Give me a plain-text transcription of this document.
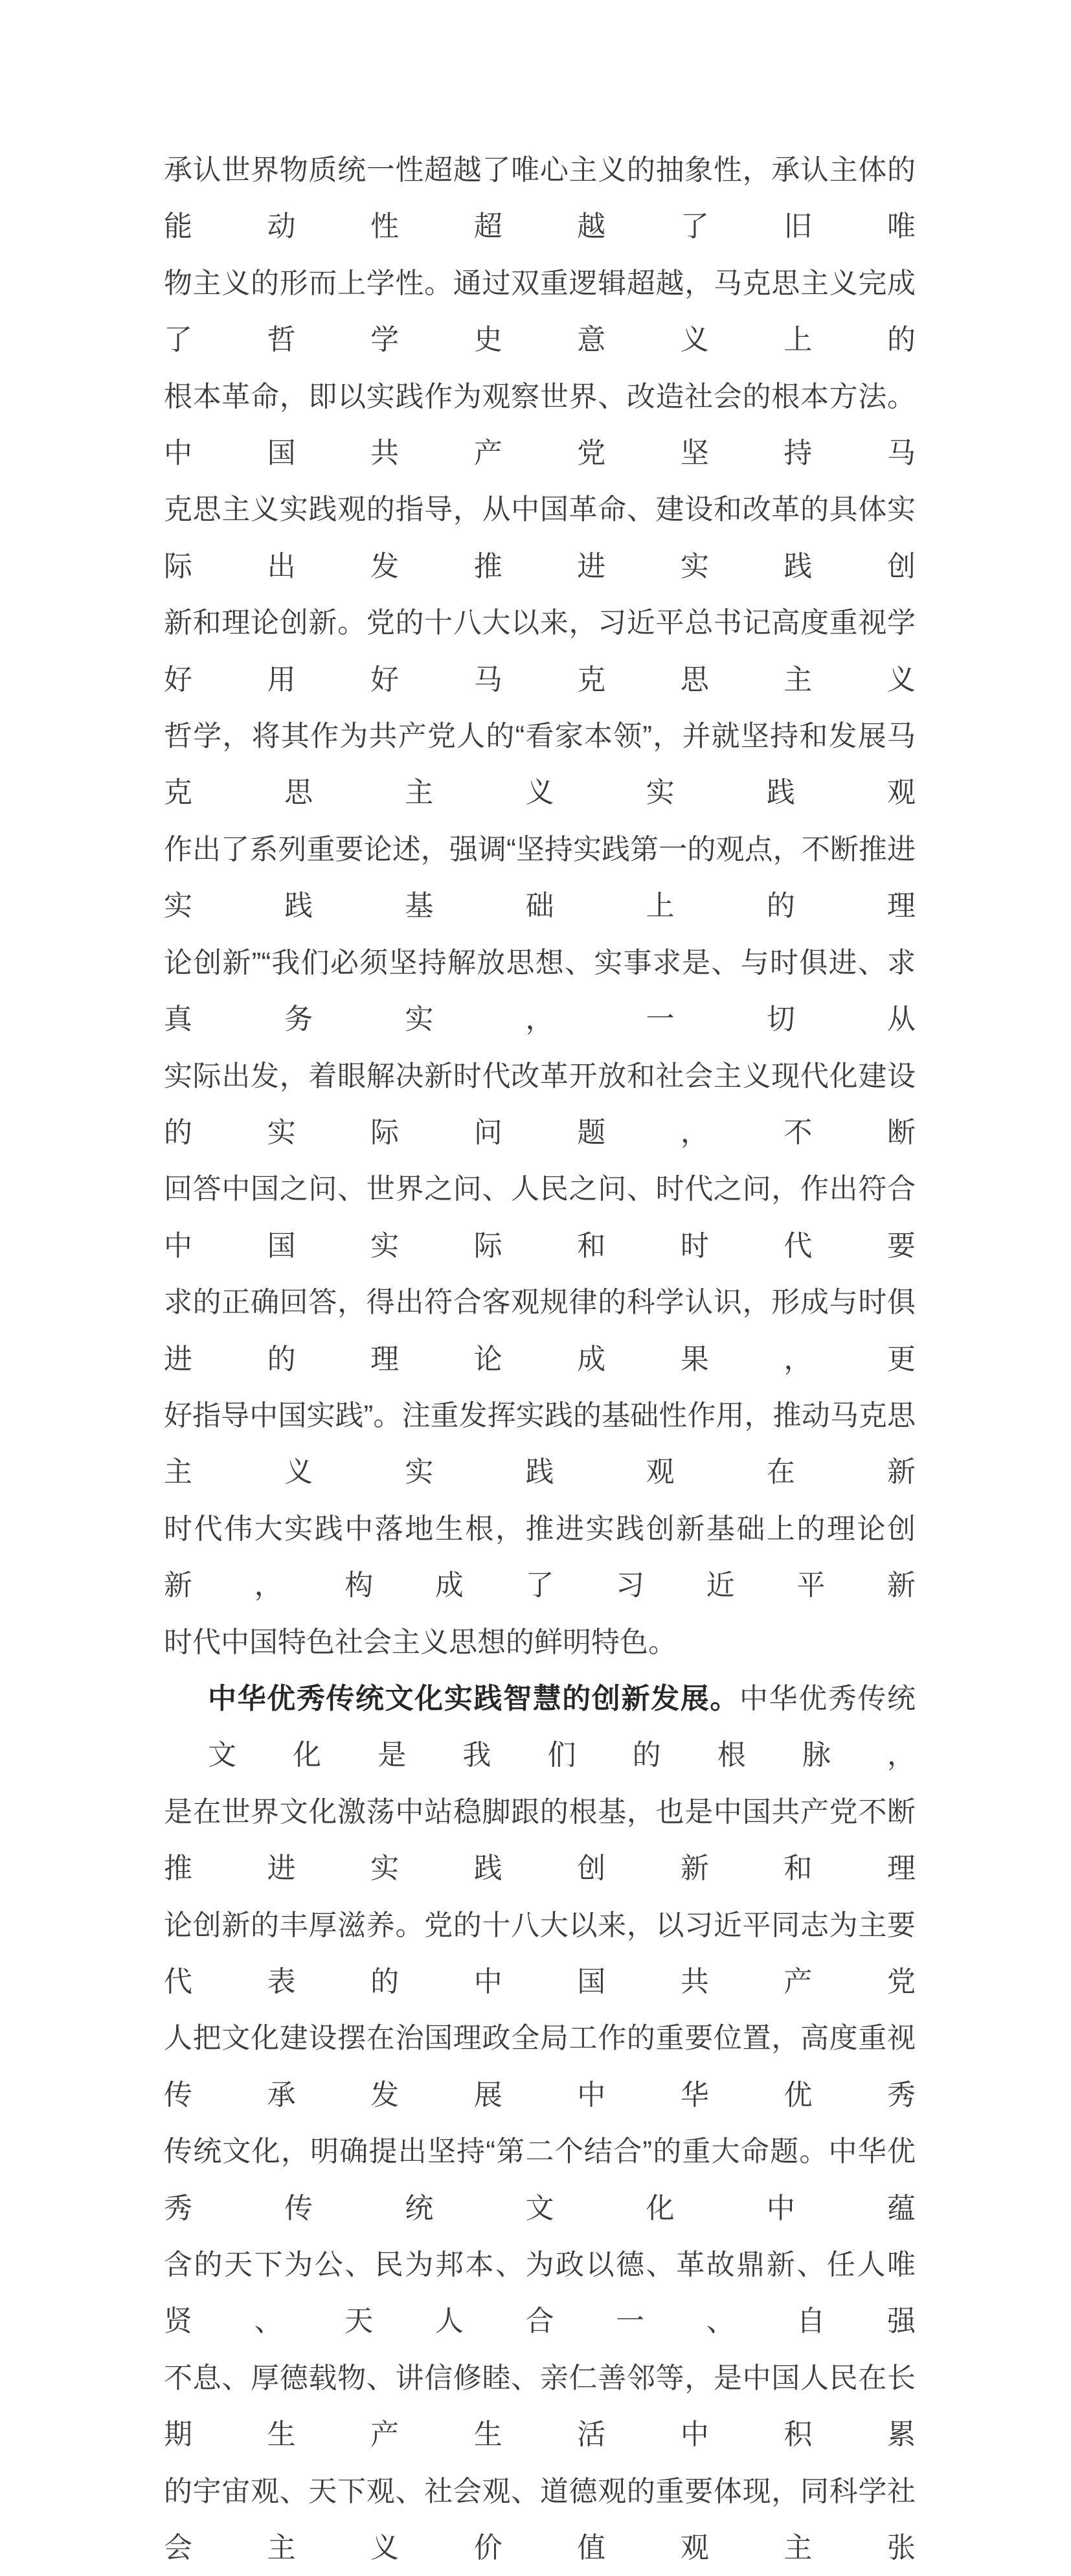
承认世界物质统一性超越了唯心主义的抽象性，承认主体的能动性超越了旧唯
物主义的形而上学性。通过双重逻辑超越，马克思主义完成了哲学史意义上的
根本革命，即以实践作为观察世界、改造社会的根本方法。中国共产党坚持马
克思主义实践观的指导，从中国革命、建设和改革的具体实际出发推进实践创
新和理论创新。党的十八大以来，习近平总书记高度重视学好用好马克思主义
哲学，将其作为共产党人的“看家本领”，并就坚持和发展马克思主义实践观
作出了系列重要论述，强调“坚持实践第一的观点，不断推进实践基础上的理
论创新”“我们必须坚持解放思想、实事求是、与时俱进、求真务实，一切从
实际出发，着眼解决新时代改革开放和社会主义现代化建设的实际问题，不断
回答中国之问、世界之问、人民之问、时代之问，作出符合中国实际和时代要
求的正确回答，得出符合客观规律的科学认识，形成与时俱进的理论成果，更
好指导中国实践”。注重发挥实践的基础性作用，推动马克思主义实践观在新
时代伟大实践中落地生根，推进实践创新基础上的理论创新，构成了习近平新
时代中国特色社会主义思想的鲜明特色。
中华优秀传统文化实践智慧的创新发展。中华优秀传统文化是我们的根脉，
是在世界文化激荡中站稳脚跟的根基，也是中国共产党不断推进实践创新和理
论创新的丰厚滋养。党的十八大以来，以习近平同志为主要代表的中国共产党
人把文化建设摆在治国理政全局工作的重要位置，高度重视传承发展中华优秀
传统文化，明确提出坚持“第二个结合”的重大命题。中华优秀传统文化中蕴
含的天下为公、民为邦本、为政以德、革故鼎新、任人唯贤、天人合一、自强
不息、厚德载物、讲信修睦、亲仁善邻等，是中国人民在长期生产生活中积累
的宇宙观、天下观、社会观、道德观的重要体现，同科学社会主义价值观主张
